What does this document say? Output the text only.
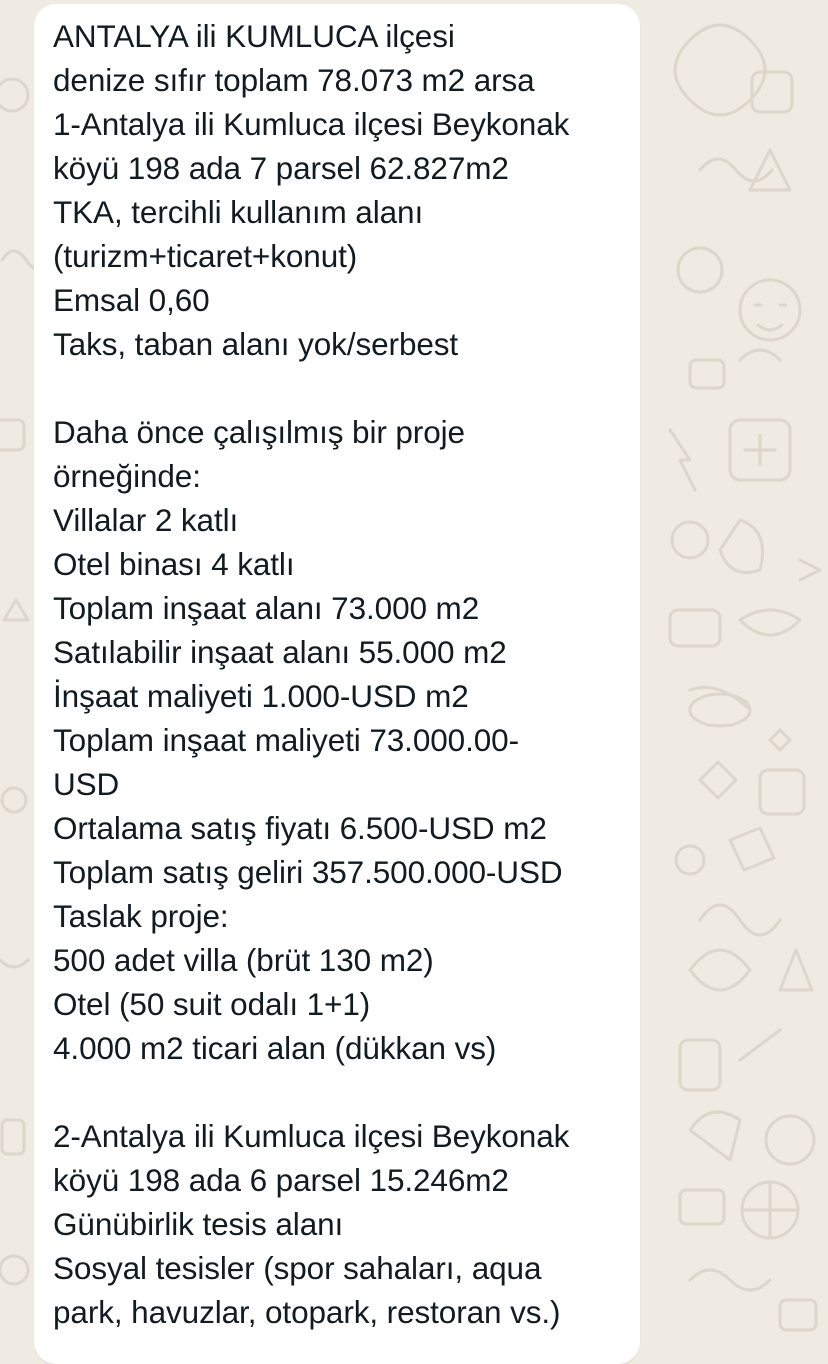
ANTALYA ili KUMLUCA ilçesi
denize sıfır toplam 78.073 m2 arsa
1-Antalya ili Kumluca ilçesi Beykonak
köyü 198 ada 7 parsel 62.827m2
TKA, tercihli kullanım alanı
(turizm+ticaret+konut)
Emsal 0,60
Taks, taban alanı yok/serbest
Daha önce çalışılmış bir proje
örneğinde:
Villalar 2 katlı
Otel binası 4 katlı
Toplam inşaat alanı 73.000 m2
Satılabilir inşaat alanı 55.000 m2
İnşaat maliyeti 1.000-USD m2
Toplam inşaat maliyeti 73.000.00-
USD
Ortalama satış fiyatı 6.500-USD m2
Toplam satış geliri 357.500.000-USD
Taslak proje:
500 adet villa (brüt 130 m2)
Otel (50 suit odalı 1+1)
4.000 m2 ticari alan (dükkan vs)
2-Antalya ili Kumluca ilçesi Beykonak
köyü 198 ada 6 parsel 15.246m2
Günübirlik tesis alanı
Sosyal tesisler (spor sahaları, aqua
park, havuzlar, otopark, restoran vs.)
